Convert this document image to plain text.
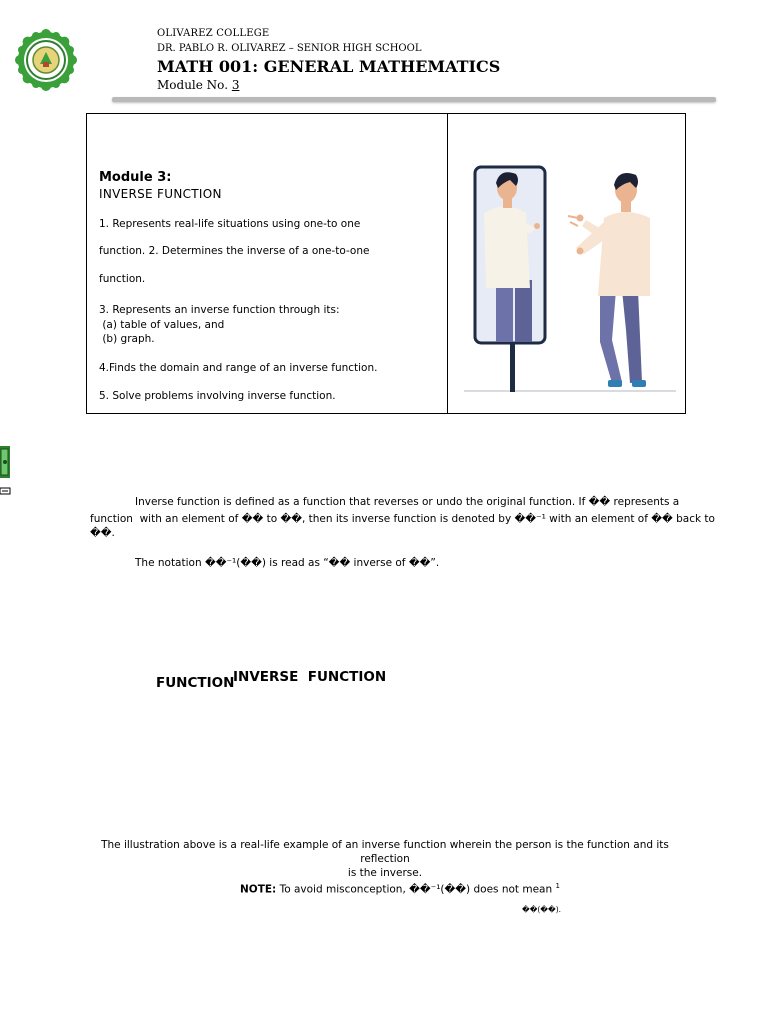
OLIVAREZ COLLEGE
DR. PABLO R. OLIVAREZ – SENIOR HIGH SCHOOL
MATH 001: GENERAL MATHEMATICS
Module No. 3
Module 3:
INVERSE FUNCTION
1. Represents real-life situations using one-to one
function. 2. Determines the inverse of a one-to-one
function.
3. Represents an inverse function through its:
(a) table of values, and
(b) graph.
4.Finds the domain and range of an inverse function.
5. Solve problems involving inverse function.
Inverse function is defined as a function that reverses or undo the original function. If �� represents a
function  with an element of �� to ��, then its inverse function is denoted by ��⁻¹ with an element of �� back to
��.
The notation ��⁻¹(��) is read as “�� inverse of ��”.
FUNCTION
INVERSE  FUNCTION
The illustration above is a real-life example of an inverse function wherein the person is the function and its reflection
is the inverse.
NOTE: To avoid misconception, ��⁻¹(��) does not mean $^1$
��(��).
